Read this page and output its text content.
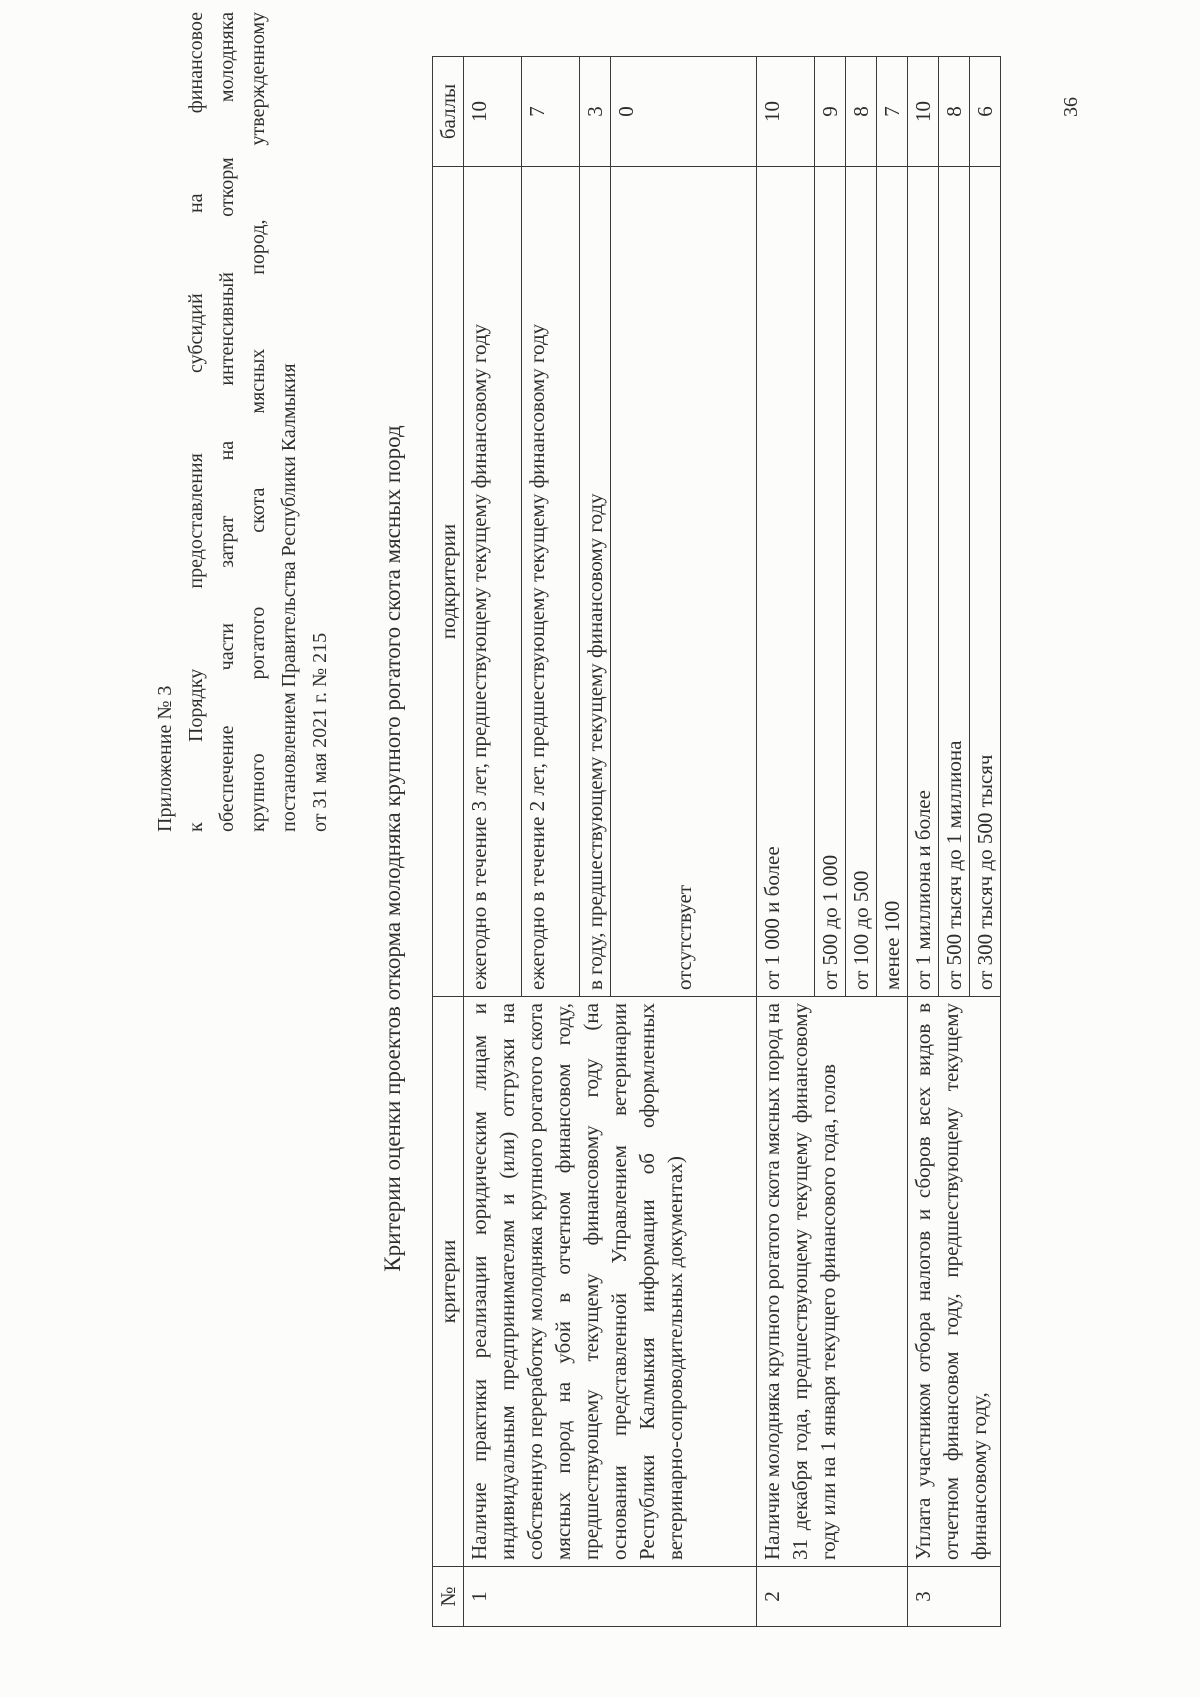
Приложение № 3 к Порядку предоставления субсидий на финансовое обеспечение части затрат на интенсивный откорм молодняка крупного рогатого скота мясных пород, утвержденному постановлением Правительства Республики Калмыкия от 31 мая 2021 г. № 215 Критерии оценки проектов откорма молодняка крупного рогатого скота мясных пород
№	критерии	подкритерии	баллы
1	Наличие практики реализации юридическим лицам и индивидуальным предпринимателям и (или) отгрузки на собственную переработку молодняка крупного рогатого скота мясных пород на убой в отчетном финансовом году, предшествующему текущему финансовому году (на основании представленной Управлением ветеринарии Республики Калмыкия информации об оформленных ветеринарно-сопроводительных документах)	ежегодно в течение 3 лет, предшествующему текущему финансовому году	10
		ежегодно в течение 2 лет, предшествующему текущему финансовому году	7
		в году, предшествующему текущему финансовому году	3
		отсутствует	0
2	Наличие молодняка крупного рогатого скота мясных пород на 31 декабря года, предшествующему текущему финансовому году или на 1 января текущего финансового года, голов	от 1 000 и более	10
		от 500 до 1 000	9
		от 100 до 500	8
		менее 100	7
3	Уплата участником отбора налогов и сборов всех видов в отчетном финансовом году, предшествующему текущему финансовому году,	от 1 миллиона и более	10
		от 500 тысяч до 1 миллиона	8
		от 300 тысяч до 500 тысяч	6	36
